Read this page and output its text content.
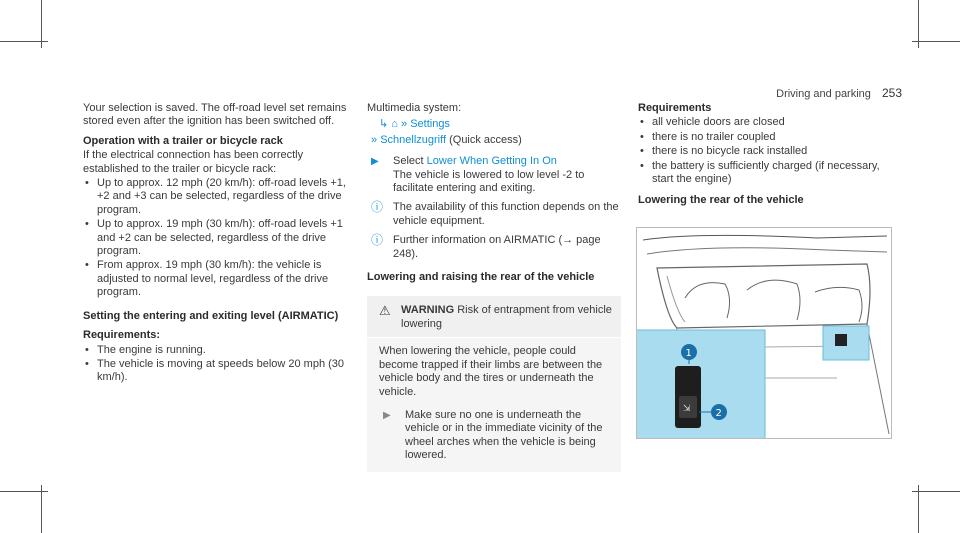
Driving and parking 253

Your selection is saved. The off-road level set remains stored even after the ignition has been switched off.

Operation with a trailer or bicycle rack

If the electrical connection has been correctly established to the trailer or bicycle rack:

• Up to approx. 12 mph (20 km/h): off-road levels +1, +2 and +3 can be selected, regardless of the drive program.
• Up to approx. 19 mph (30 km/h): off-road levels +1 and +2 can be selected, regardless of the drive program.
• From approx. 19 mph (30 km/h): the vehicle is adjusted to normal level, regardless of the drive program.

Setting the entering and exiting level (AIRMATIC)

Requirements:

• The engine is running.
• The vehicle is moving at speeds below 20 mph (30 km/h).

Multimedia system:

↳ ⌂ » Settings

» Schnellzugriff (Quick access)

▶	Select Lower When Getting In On
The vehicle is lowered to low level -2 to facilitate entering and exiting.
ⓘ The availability of this function depends on the vehicle equipment.
ⓘ Further information on AIRMATIC (→ page 248).

Lowering and raising the rear of the vehicle

⚠ WARNING Risk of entrapment from vehicle lowering

When lowering the vehicle, people could become trapped if their limbs are between the vehicle body and the tires or underneath the vehicle.

▶	Make sure no one is underneath the vehicle or in the immediate vicinity of the wheel arches when the vehicle is being lowered.

Requirements

• all vehicle doors are closed
• there is no trailer coupled
• there is no bicycle rack installed
• the battery is sufficiently charged (if necessary, start the engine)

Lowering the rear of the vehicle

⇲
1
2
